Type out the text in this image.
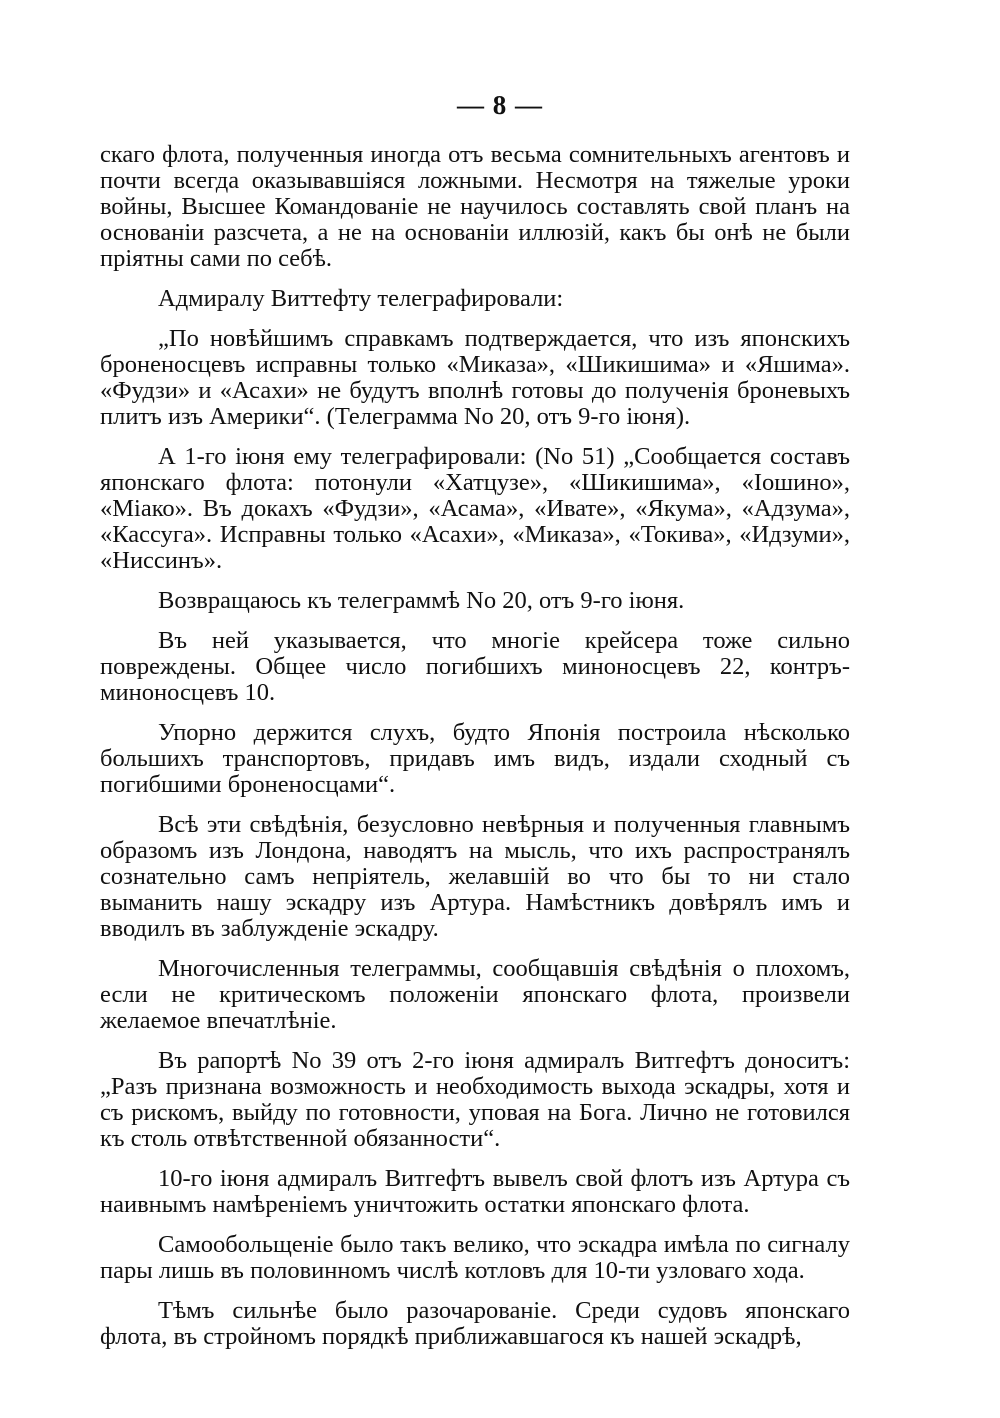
— 8 —

скаго флота, полученныя иногда отъ весьма сомнительныхъ агентовъ и почти всегда оказывавшіяся ложными. Несмотря на тяжелые уроки войны, Высшее Командованіе не научилось составлять свой планъ на основаніи разсчета, а не на основаніи иллюзій, какъ бы онѣ не были пріятны сами по себѣ.

Адмиралу Виттефту телеграфировали:

„По новѣйшимъ справкамъ подтверждается, что изъ японскихъ броненосцевъ исправны только «Миказа», «Шикишима» и «Яшима». «Фудзи» и «Асахи» не будутъ вполнѣ готовы до полученія броневыхъ плитъ изъ Америки“. (Телеграмма No 20, отъ 9-го іюня).

А 1-го іюня ему телеграфировали: (No 51) „Сообщается составъ японскаго флота: потонули «Хатцузе», «Шикишима», «Іошино», «Міако». Въ докахъ «Фудзи», «Асама», «Ивате», «Якума», «Адзума», «Кассуга». Исправны только «Асахи», «Миказа», «Токива», «Идзуми», «Ниссинъ».

Возвращаюсь къ телеграммѣ No 20, отъ 9-го іюня.

Въ ней указывается, что многіе крейсера тоже сильно повреждены. Общее число погибшихъ миноносцевъ 22, контръ-миноносцевъ 10.

Упорно держится слухъ, будто Японія построила нѣсколько большихъ транспортовъ, придавъ имъ видъ, издали сходный съ погибшими броненосцами“.

Всѣ эти свѣдѣнія, безусловно невѣрныя и полученныя главнымъ образомъ изъ Лондона, наводятъ на мысль, что ихъ распространялъ сознательно самъ непріятель, желавшій во что бы то ни стало выманить нашу эскадру изъ Артура. Намѣстникъ довѣрялъ имъ и вводилъ въ заблужденіе эскадру.

Многочисленныя телеграммы, сообщавшія свѣдѣнія о плохомъ, если не критическомъ положеніи японскаго флота, произвели желаемое впечатлѣніе.

Въ рапортѣ No 39 отъ 2-го іюня адмиралъ Витгефтъ доноситъ: „Разъ признана возможность и необходимость выхода эскадры, хотя и съ рискомъ, выйду по готовности, уповая на Бога. Лично не готовился къ столь отвѣтственной обязанности“.

10-го іюня адмиралъ Витгефтъ вывелъ свой флотъ изъ Артура съ наивнымъ намѣреніемъ уничтожить остатки японскаго флота.

Самообольщеніе было такъ велико, что эскадра имѣла по сигналу пары лишь въ половинномъ числѣ котловъ для 10-ти узловаго хода.

Тѣмъ сильнѣе было разочарованіе. Среди судовъ японскаго флота, въ стройномъ порядкѣ приближавшагося къ нашей эскадрѣ,
